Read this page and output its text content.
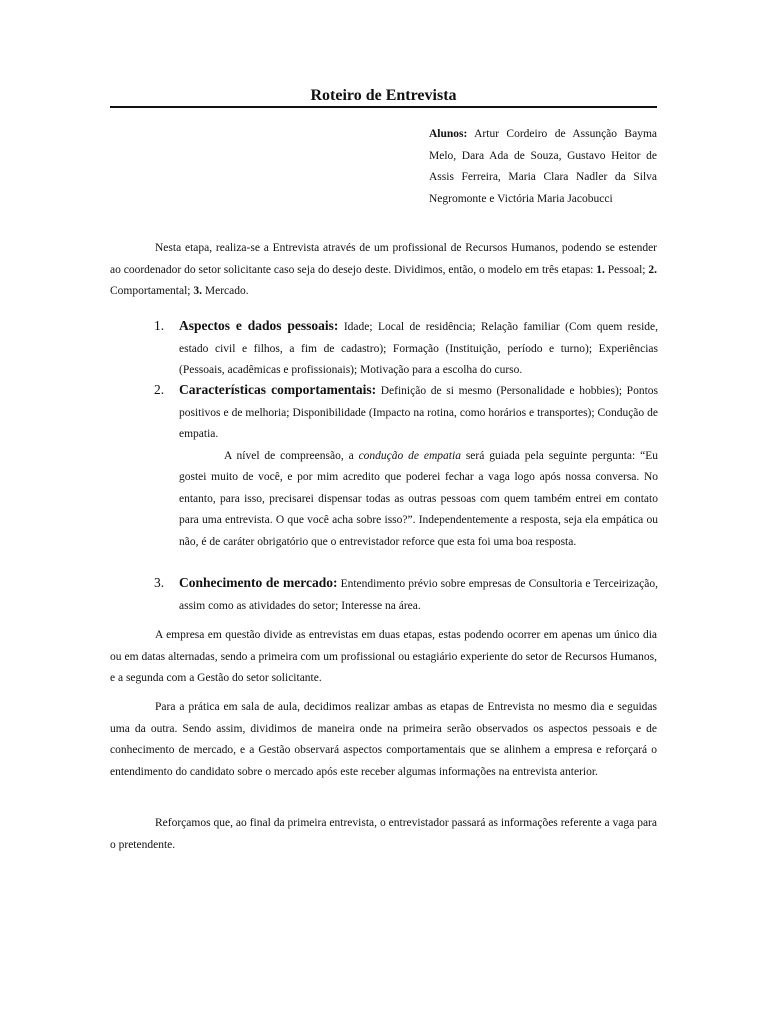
Roteiro de Entrevista
Alunos: Artur Cordeiro de Assunção Bayma Melo, Dara Ada de Souza, Gustavo Heitor de Assis Ferreira, Maria Clara Nadler da Silva Negromonte e Victória Maria Jacobucci
Nesta etapa, realiza-se a Entrevista através de um profissional de Recursos Humanos, podendo se estender ao coordenador do setor solicitante caso seja do desejo deste. Dividimos, então, o modelo em três etapas: 1. Pessoal; 2. Comportamental; 3. Mercado.
1. Aspectos e dados pessoais: Idade; Local de residência; Relação familiar (Com quem reside, estado civil e filhos, a fim de cadastro); Formação (Instituição, período e turno); Experiências (Pessoais, acadêmicas e profissionais); Motivação para a escolha do curso.
2. Características comportamentais: Definição de si mesmo (Personalidade e hobbies); Pontos positivos e de melhoria; Disponibilidade (Impacto na rotina, como horários e transportes); Condução de empatia.
A nível de compreensão, a condução de empatia será guiada pela seguinte pergunta: “Eu gostei muito de você, e por mim acredito que poderei fechar a vaga logo após nossa conversa. No entanto, para isso, precisarei dispensar todas as outras pessoas com quem também entrei em contato para uma entrevista. O que você acha sobre isso?”. Independentemente a resposta, seja ela empática ou não, é de caráter obrigatório que o entrevistador reforce que esta foi uma boa resposta.
3. Conhecimento de mercado: Entendimento prévio sobre empresas de Consultoria e Terceirização, assim como as atividades do setor; Interesse na área.
A empresa em questão divide as entrevistas em duas etapas, estas podendo ocorrer em apenas um único dia ou em datas alternadas, sendo a primeira com um profissional ou estagiário experiente do setor de Recursos Humanos, e a segunda com a Gestão do setor solicitante.
Para a prática em sala de aula, decidimos realizar ambas as etapas de Entrevista no mesmo dia e seguidas uma da outra. Sendo assim, dividimos de maneira onde na primeira serão observados os aspectos pessoais e de conhecimento de mercado, e a Gestão observará aspectos comportamentais que se alinhem a empresa e reforçará o entendimento do candidato sobre o mercado após este receber algumas informações na entrevista anterior.
Reforçamos que, ao final da primeira entrevista, o entrevistador passará as informações referente a vaga para o pretendente.
